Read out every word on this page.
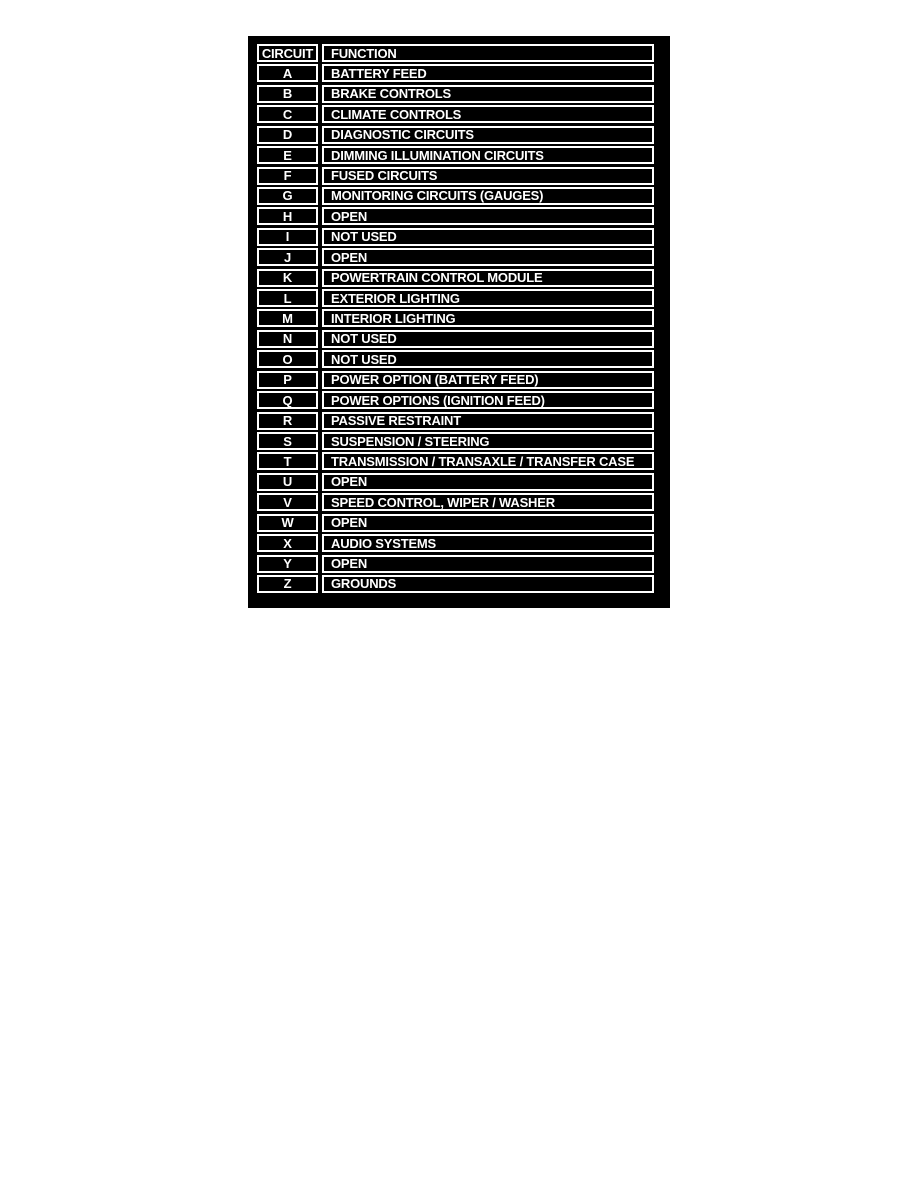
CIRCUIT	FUNCTION
A	BATTERY FEED
B	BRAKE CONTROLS
C	CLIMATE CONTROLS
D	DIAGNOSTIC CIRCUITS
E	DIMMING ILLUMINATION CIRCUITS
F	FUSED CIRCUITS
G	MONITORING CIRCUITS (GAUGES)
H	OPEN
I	NOT USED
J	OPEN
K	POWERTRAIN CONTROL MODULE
L	EXTERIOR LIGHTING
M	INTERIOR LIGHTING
N	NOT USED
O	NOT USED
P	POWER OPTION (BATTERY FEED)
Q	POWER OPTIONS (IGNITION FEED)
R	PASSIVE RESTRAINT
S	SUSPENSION / STEERING
T	TRANSMISSION / TRANSAXLE / TRANSFER CASE
U	OPEN
V	SPEED CONTROL, WIPER / WASHER
W	OPEN
X	AUDIO SYSTEMS
Y	OPEN
Z	GROUNDS
